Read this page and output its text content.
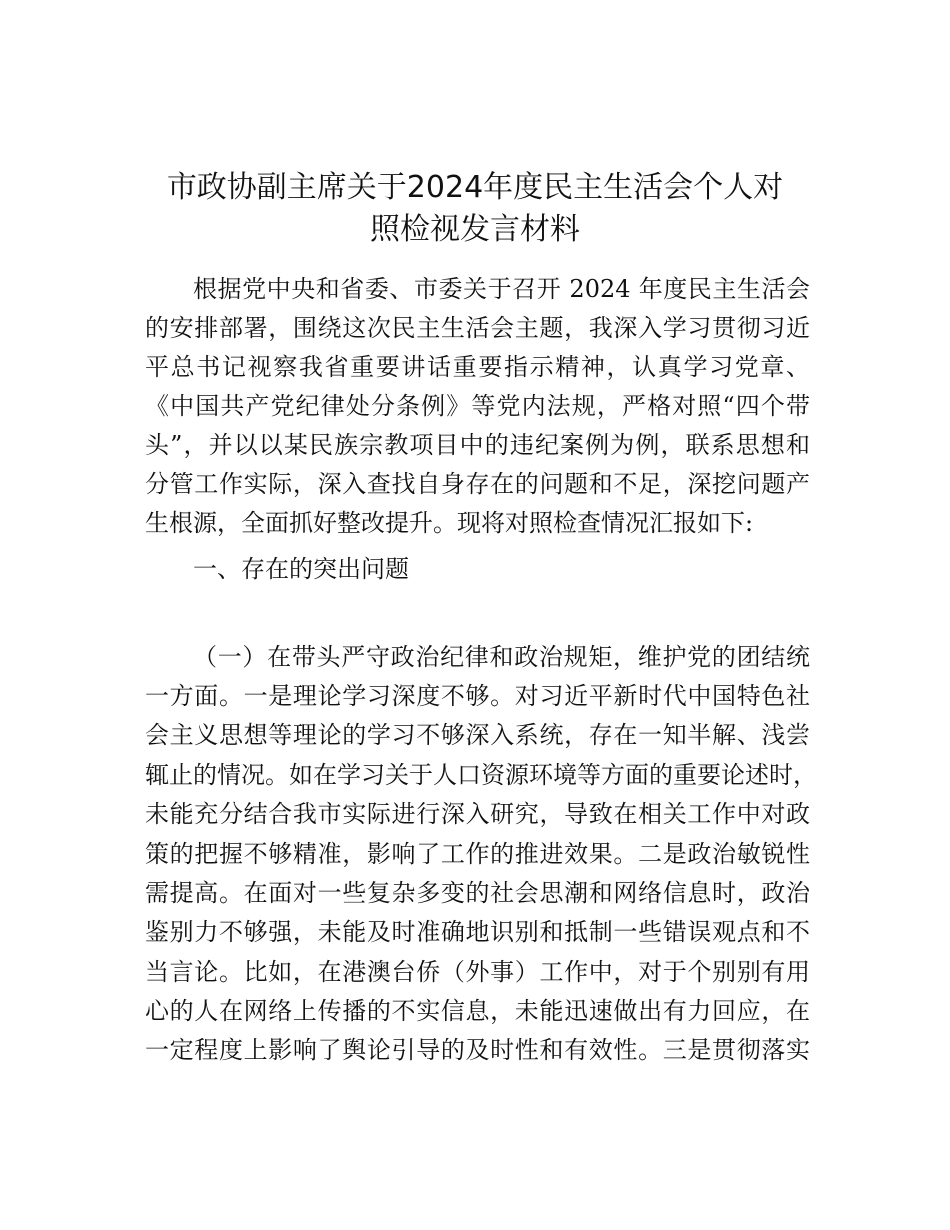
市政协副主席关于2024年度民主生活会个人对
照检视发言材料
根据党中央和省委、市委关于召开 2024 年度民主生活会
的安排部署，围绕这次民主生活会主题，我深入学习贯彻习近
平总书记视察我省重要讲话重要指示精神，认真学习党章、
《中国共产党纪律处分条例》等党内法规，严格对照“四个带
头”，并以以某民族宗教项目中的违纪案例为例，联系思想和
分管工作实际，深入查找自身存在的问题和不足，深挖问题产
生根源，全面抓好整改提升。现将对照检查情况汇报如下:
一、存在的突出问题
（一）在带头严守政治纪律和政治规矩，维护党的团结统
一方面。一是理论学习深度不够。对习近平新时代中国特色社
会主义思想等理论的学习不够深入系统，存在一知半解、浅尝
辄止的情况。如在学习关于人口资源环境等方面的重要论述时，
未能充分结合我市实际进行深入研究，导致在相关工作中对政
策的把握不够精准，影响了工作的推进效果。二是政治敏锐性
需提高。在面对一些复杂多变的社会思潮和网络信息时，政治
鉴别力不够强，未能及时准确地识别和抵制一些错误观点和不
当言论。比如，在港澳台侨（外事）工作中，对于个别别有用
心的人在网络上传播的不实信息，未能迅速做出有力回应，在
一定程度上影响了舆论引导的及时性和有效性。三是贯彻落实
